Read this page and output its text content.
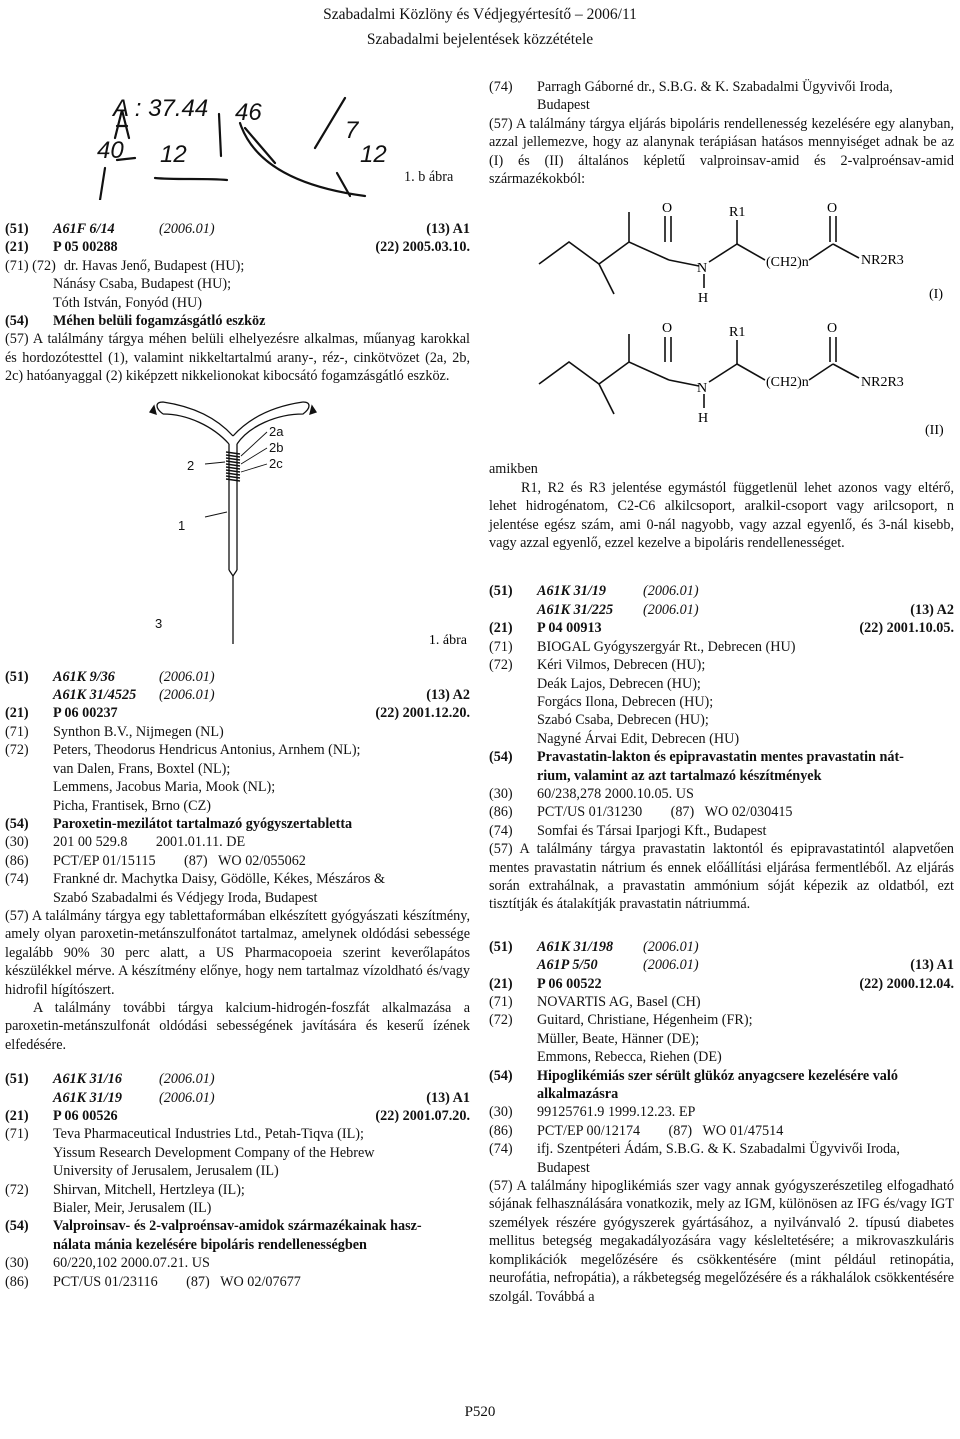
Szabadalmi Közlöny és Védjegyértesítő – 2006/11
Szabadalmi bejelentések közzététele
A : 37.44 46
7
40 12	12
(51)	A61F 6/14	(2006.01)	(13) A1
(21)	P 05 00288	(22) 2005.03.10.
(71) (72) dr. Havas Jenő, Budapest (HU);
Nánásy Csaba, Budapest (HU);
Tóth István, Fonyód (HU)
(54)	Méhen belüli fogamzásgátló eszköz

(57) A találmány tárgya méhen belüli elhelyezésre alkalmas, műanyag karokkal és hordozótesttel (1), valamint nikkeltartalmú arany-, réz-, cinkötvözet (2a, 2b, 2c) hatóanyaggal (2) kiképzett nikkelionokat kibocsátó fogamzásgátló eszköz.

2a
2b
2c
2
1
3
1. ábra
(51)	A61K 9/36	(2006.01)
A61K 31/4525	(2006.01)	(13) A2
(21)	P 06 00237	(22) 2001.12.20.
(71)	Synthon B.V., Nijmegen (NL)
(72)	Peters, Theodorus Hendricus Antonius, Arnhem (NL);
van Dalen, Frans, Boxtel (NL);
Lemmens, Jacobus Maria, Mook (NL);
Picha, Frantisek, Brno (CZ)
(54)	Paroxetin-mezilátot tartalmazó gyógyszertabletta
(30)	201 00 529.8        2001.01.11. DE
(86)	PCT/EP 01/15115        (87)   WO 02/055062
(74)	Frankné dr. Machytka Daisy, Gödölle, Kékes, Mészáros &
Szabó Szabadalmi és Védjegy Iroda, Budapest

(57) A találmány tárgya egy tablettaformában elkészített gyógyászati készítmény, amely olyan paroxetin-metánszulfonátot tartalmaz, amelynek oldódási sebessége legalább 90% 30 perc alatt, a US Pharmacopoeia szerint keverőlapátos készülékkel mérve. A készítmény előnye, hogy nem tartalmaz vízoldható és/vagy hidrofil hígítószert.

A találmány további tárgya kalcium-hidrogén-foszfát alkalmazása a paroxetin-metánszulfonát oldódási sebességének javítására és keserű ízének elfedésére.

(51)	A61K 31/16	(2006.01)
A61K 31/19	(2006.01)	(13) A1
(21)	P 06 00526	(22) 2001.07.20.
(71)	Teva Pharmaceutical Industries Ltd., Petah-Tiqva (IL);
Yissum Research Development Company of the Hebrew
University of Jerusalem, Jerusalem (IL)
(72)	Shirvan, Mitchell, Hertzleya (IL);
Bialer, Meir, Jerusalem (IL)
(54)	Valproinsav- és 2-valproénsav-amidok származékainak hasz-
nálata mánia kezelésére bipoláris rendellenességben
(30)	60/220,102 2000.07.21. US
(86)	PCT/US 01/23116        (87)   WO 02/07677
(74)	Parragh Gáborné dr., S.B.G. & K. Szabadalmi Ügyvivői Iroda,
Budapest

(57) A találmány tárgya eljárás bipoláris rendellenesség kezelésére egy alanyban, azzal jellemezve, hogy az alanynak terápiásan hatásos mennyiséget adnak be az (I) és (II) általános képletű valproinsav-amid és 2-valproénsav-amid származékokból:

O	R1	O
N	(CH2)n	NR2R3
H	(I)
O	R1	O
N	(CH2)n	NR2R3
H
(II)
amikben

R1, R2 és R3 jelentése egymástól függetlenül lehet azonos vagy eltérő, lehet hidrogénatom, C2-C6 alkilcsoport, aralkil-csoport vagy arilcsoport, n jelentése egész szám, ami 0-nál nagyobb, vagy azzal egyenlő, és 3-nál kisebb, vagy azzal egyenlő, ezzel kezelve a bipoláris rendellenességet.

(51)	A61K 31/19	(2006.01)
A61K 31/225	(2006.01)	(13) A2
(21)	P 04 00913	(22) 2001.10.05.
(71)	BIOGAL Gyógyszergyár Rt., Debrecen (HU)
(72)	Kéri Vilmos, Debrecen (HU);
Deák Lajos, Debrecen (HU);
Forgács Ilona, Debrecen (HU);
Szabó Csaba, Debrecen (HU);
Nagyné Árvai Edit, Debrecen (HU)
(54)	Pravastatin-lakton és epipravastatin mentes pravastatin nát-
rium, valamint az azt tartalmazó készítmények
(30)	60/238,278 2000.10.05. US
(86)	PCT/US 01/31230        (87)   WO 02/030415
(74)	Somfai és Társai Iparjogi Kft., Budapest

(57) A találmány tárgya pravastatin laktontól és epipravastatintól alapvetően mentes pravastatin nátrium és ennek előállítási eljárása fermentléből. Az eljárás során extrahálnak, a pravastatin ammónium sóját képezik az oldatból, ezt tisztítják és átalakítják pravastatin nátriummá.

(51)	A61K 31/198	(2006.01)
A61P 5/50	(2006.01)	(13) A1
(21)	P 06 00522	(22) 2000.12.04.
(71)	NOVARTIS AG, Basel (CH)
(72)	Guitard, Christiane, Hégenheim (FR);
Müller, Beate, Hänner (DE);
Emmons, Rebecca, Riehen (DE)
(54)	Hipoglikémiás szer sérült glükóz anyagcsere kezelésére való
alkalmazásra
(30)	99125761.9 1999.12.23. EP
(86)	PCT/EP 00/12174        (87)   WO 01/47514
(74)	ifj. Szentpéteri Ádám, S.B.G. & K. Szabadalmi Ügyvivői Iroda,
Budapest

(57) A találmány hipoglikémiás szer vagy annak gyógyszerészetileg elfogadható sójának felhasználására vonatkozik, mely az IGM, különösen az IFG és/vagy IGT személyek részére gyógyszerek gyártásához, a nyilvánvaló 2. típusú diabetes mellitus betegség megakadályozására vagy késleltetésére; a mikrovaszkuláris komplikációk megelőzésére és csökkentésére (mint például retinopátia, neurofátia, nefropátia), a rákbetegség megelőzésére és a rákhalálok csökkentésére szolgál. Továbbá a

1. b ábra
P520
